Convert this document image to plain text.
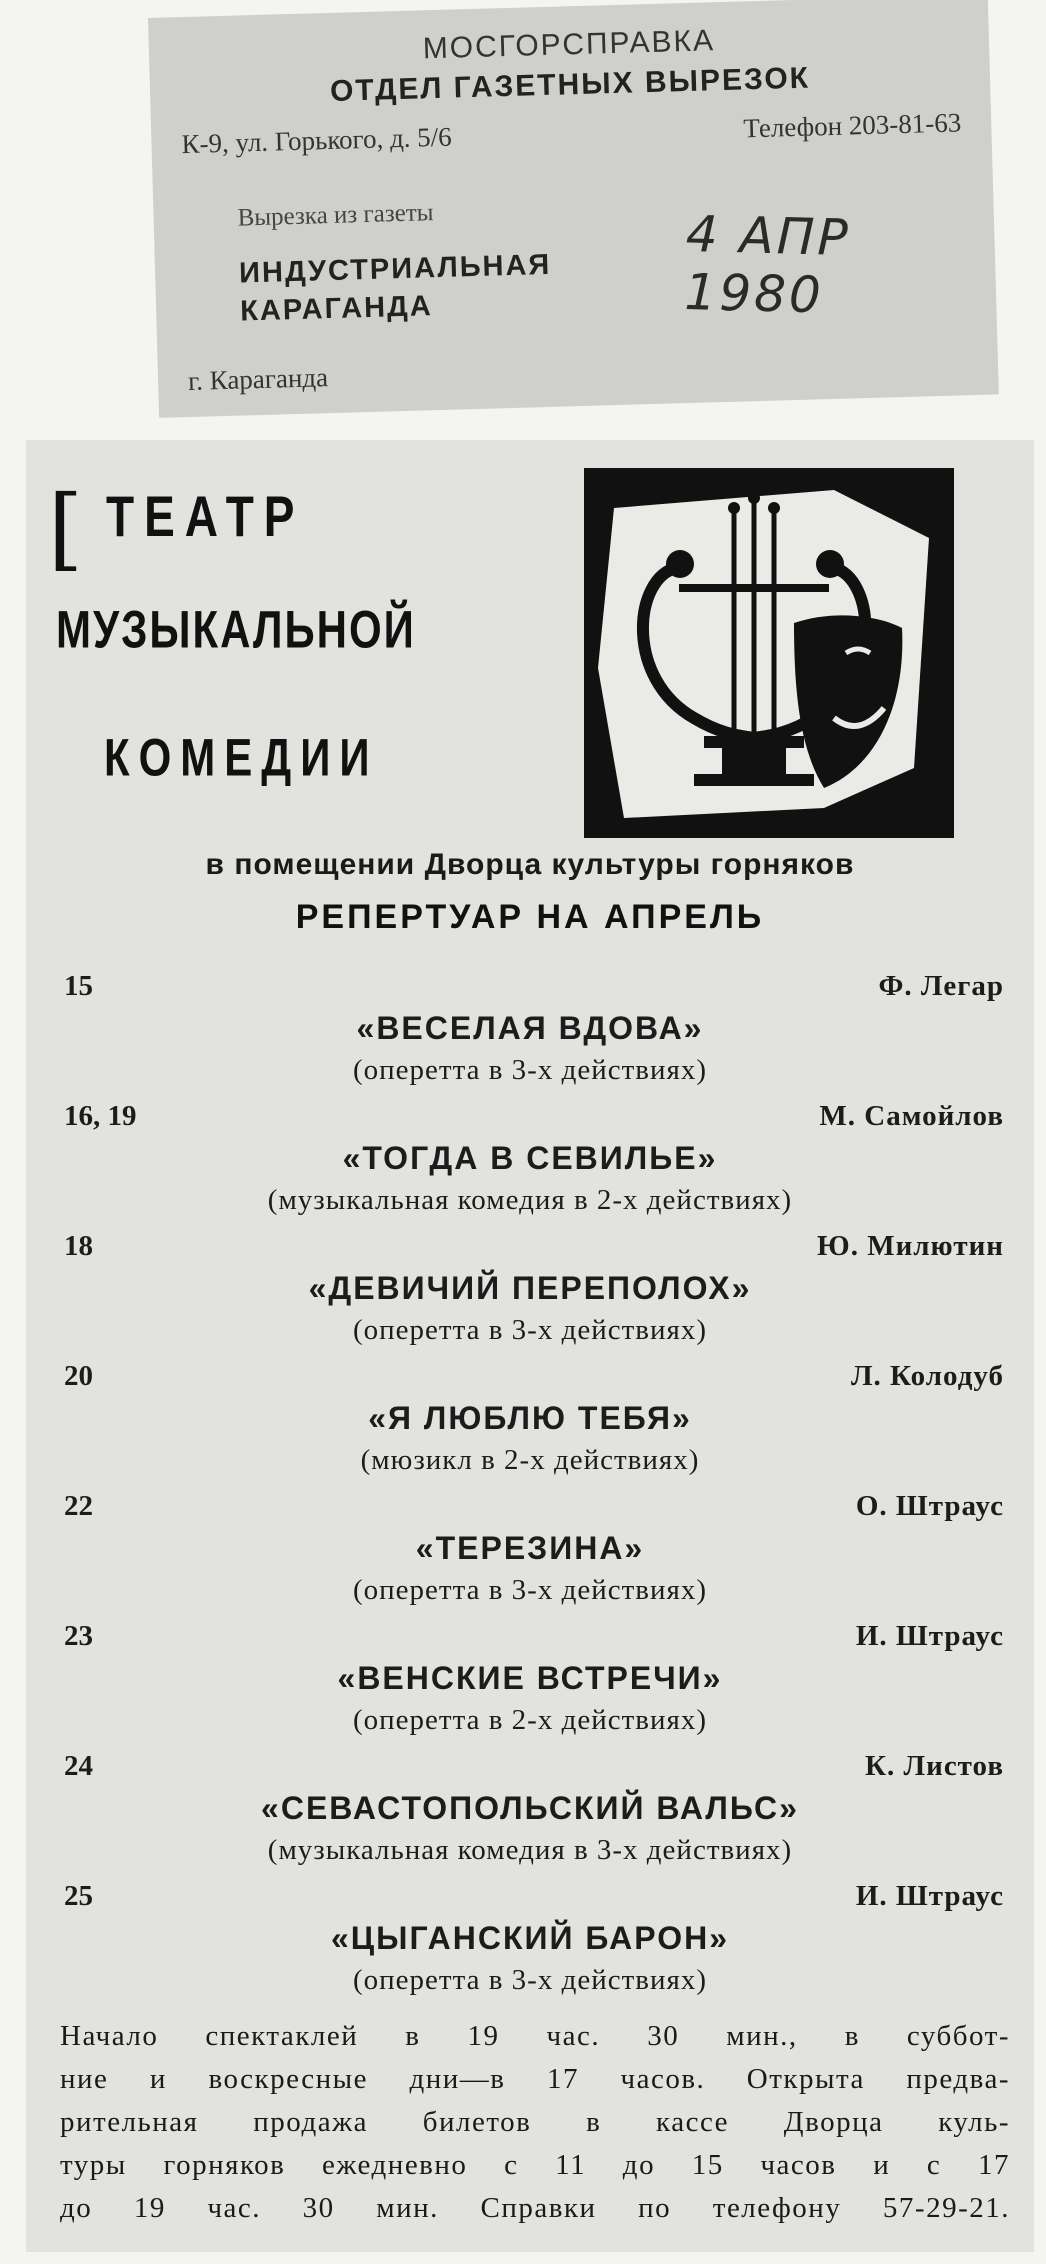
МОСГОРСПРАВКА
ОТДЕЛ ГАЗЕТНЫХ ВЫРЕЗОК
К-9, ул. Горького, д. 5/6	Телефон 203-81-63
Вырезка из газеты
ИНДУСТРИАЛЬНАЯ
КАРАГАНДА
г. Караганда
4 АПР 1980
[ ТЕАТР
МУЗЫКАЛЬНОЙ
КОМЕДИИ
в помещении Дворца культуры горняков
РЕПЕРТУАР НА АПРЕЛЬ
15	Ф. Легар
«ВЕСЕЛАЯ ВДОВА»
(оперетта в 3-х действиях)
16, 19	М. Самойлов
«ТОГДА В СЕВИЛЬЕ»
(музыкальная комедия в 2-х действиях)
18	Ю. Милютин
«ДЕВИЧИЙ ПЕРЕПОЛОХ»
(оперетта в 3-х действиях)
20	Л. Колодуб
«Я ЛЮБЛЮ ТЕБЯ»
(мюзикл в 2-х действиях)
22	О. Штраус
«ТЕРЕЗИНА»
(оперетта в 3-х действиях)
23	И. Штраус
«ВЕНСКИЕ ВСТРЕЧИ»
(оперетта в 2-х действиях)
24	К. Листов
«СЕВАСТОПОЛЬСКИЙ ВАЛЬС»
(музыкальная комедия в 3-х действиях)
25	И. Штраус
«ЦЫГАНСКИЙ БАРОН»
(оперетта в 3-х действиях)
Начало спектаклей в 19 час. 30 мин., в суббот-
ние и воскресные дни—в 17 часов. Открыта предва-
рительная продажа билетов в кассе Дворца куль-
туры горняков ежедневно с 11 до 15 часов и с 17
до 19 час. 30 мин. Справки по телефону 57-29-21.
